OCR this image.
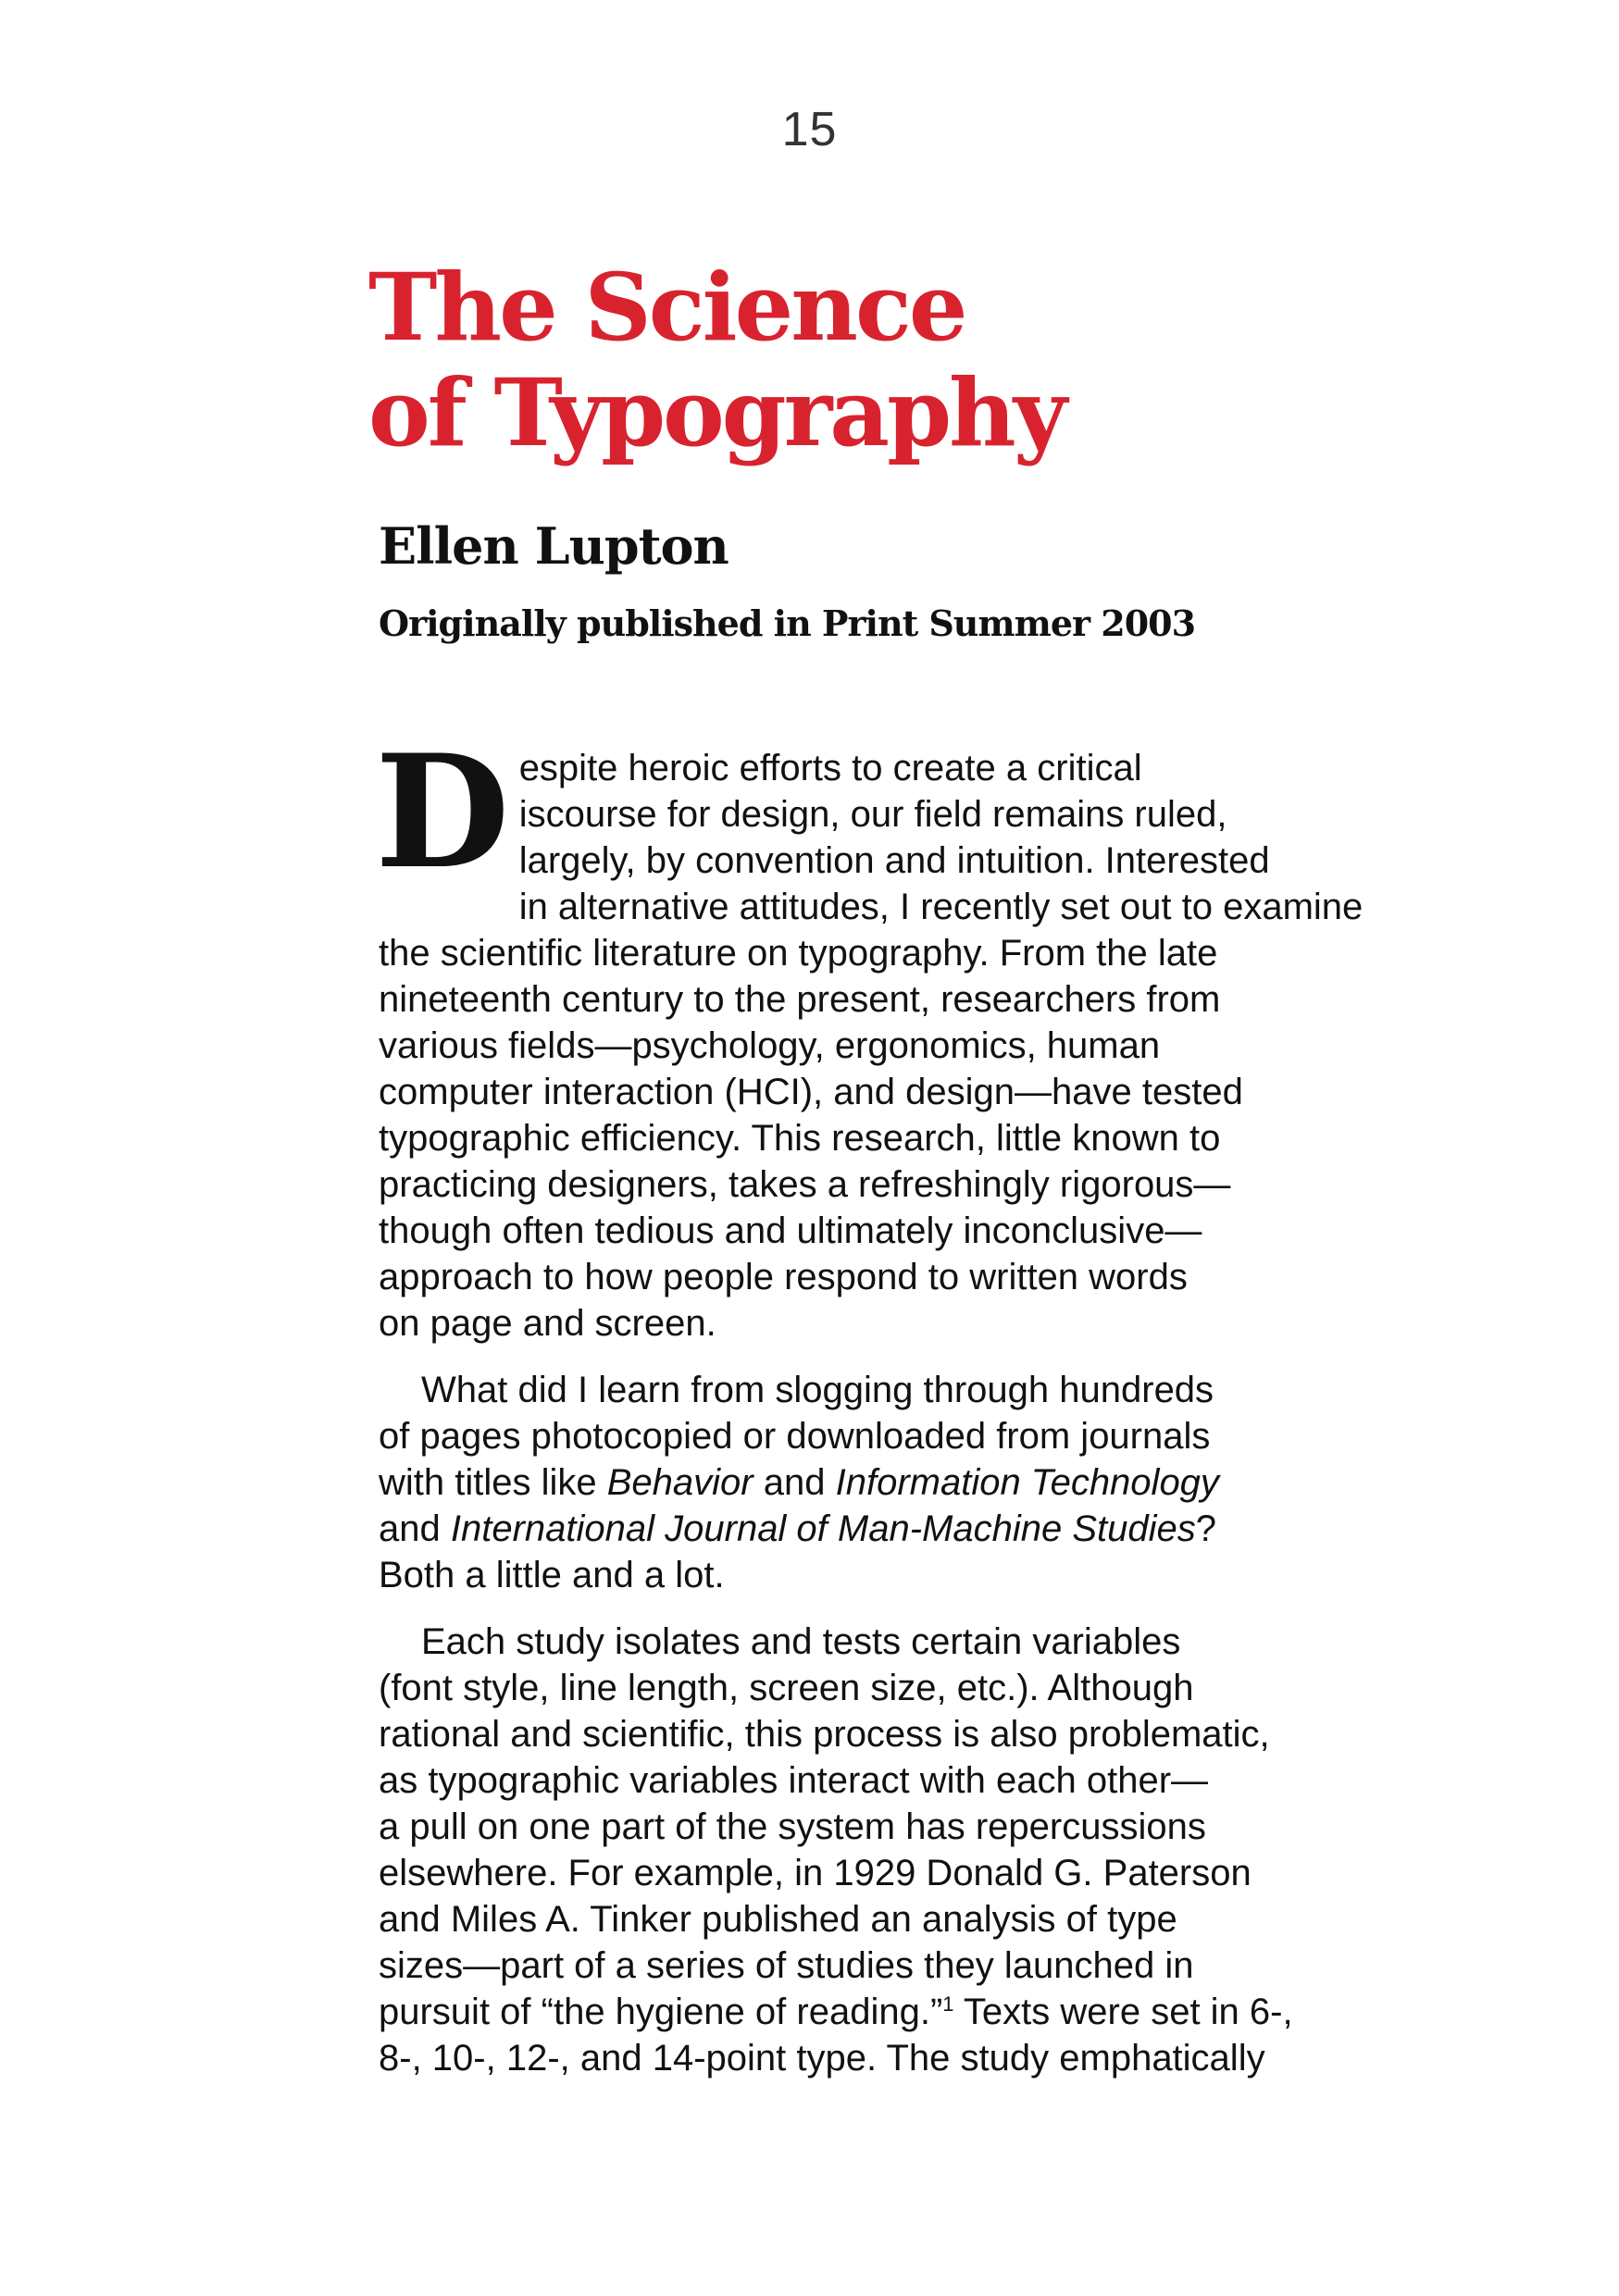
15
The Science
of Typography
Ellen Lupton
Originally published in Print Summer 2003

D espite heroic efforts to create a critical
iscourse for design, our field remains ruled,
largely, by convention and intuition. Interested
in alternative attitudes, I recently set out to examine
the scientific literature on typography. From the late
nineteenth century to the present, researchers from
various fields—psychology, ergonomics, human
computer interaction (HCI), and design—have tested
typographic efficiency. This research, little known to
practicing designers, takes a refreshingly rigorous—
though often tedious and ultimately inconclusive—
approach to how people respond to written words
on page and screen.

What did I learn from slogging through hundreds
of pages photocopied or downloaded from journals
with titles like Behavior and Information Technology
and International Journal of Man-Machine Studies?
Both a little and a lot.

Each study isolates and tests certain variables
(font style, line length, screen size, etc.). Although
rational and scientific, this process is also problematic,
as typographic variables interact with each other—
a pull on one part of the system has repercussions
elsewhere. For example, in 1929 Donald G. Paterson
and Miles A. Tinker published an analysis of type
sizes—part of a series of studies they launched in
pursuit of “the hygiene of reading.”$^1$ Texts were set in 6-,
8-, 10-, 12-, and 14-point type. The study emphatically
